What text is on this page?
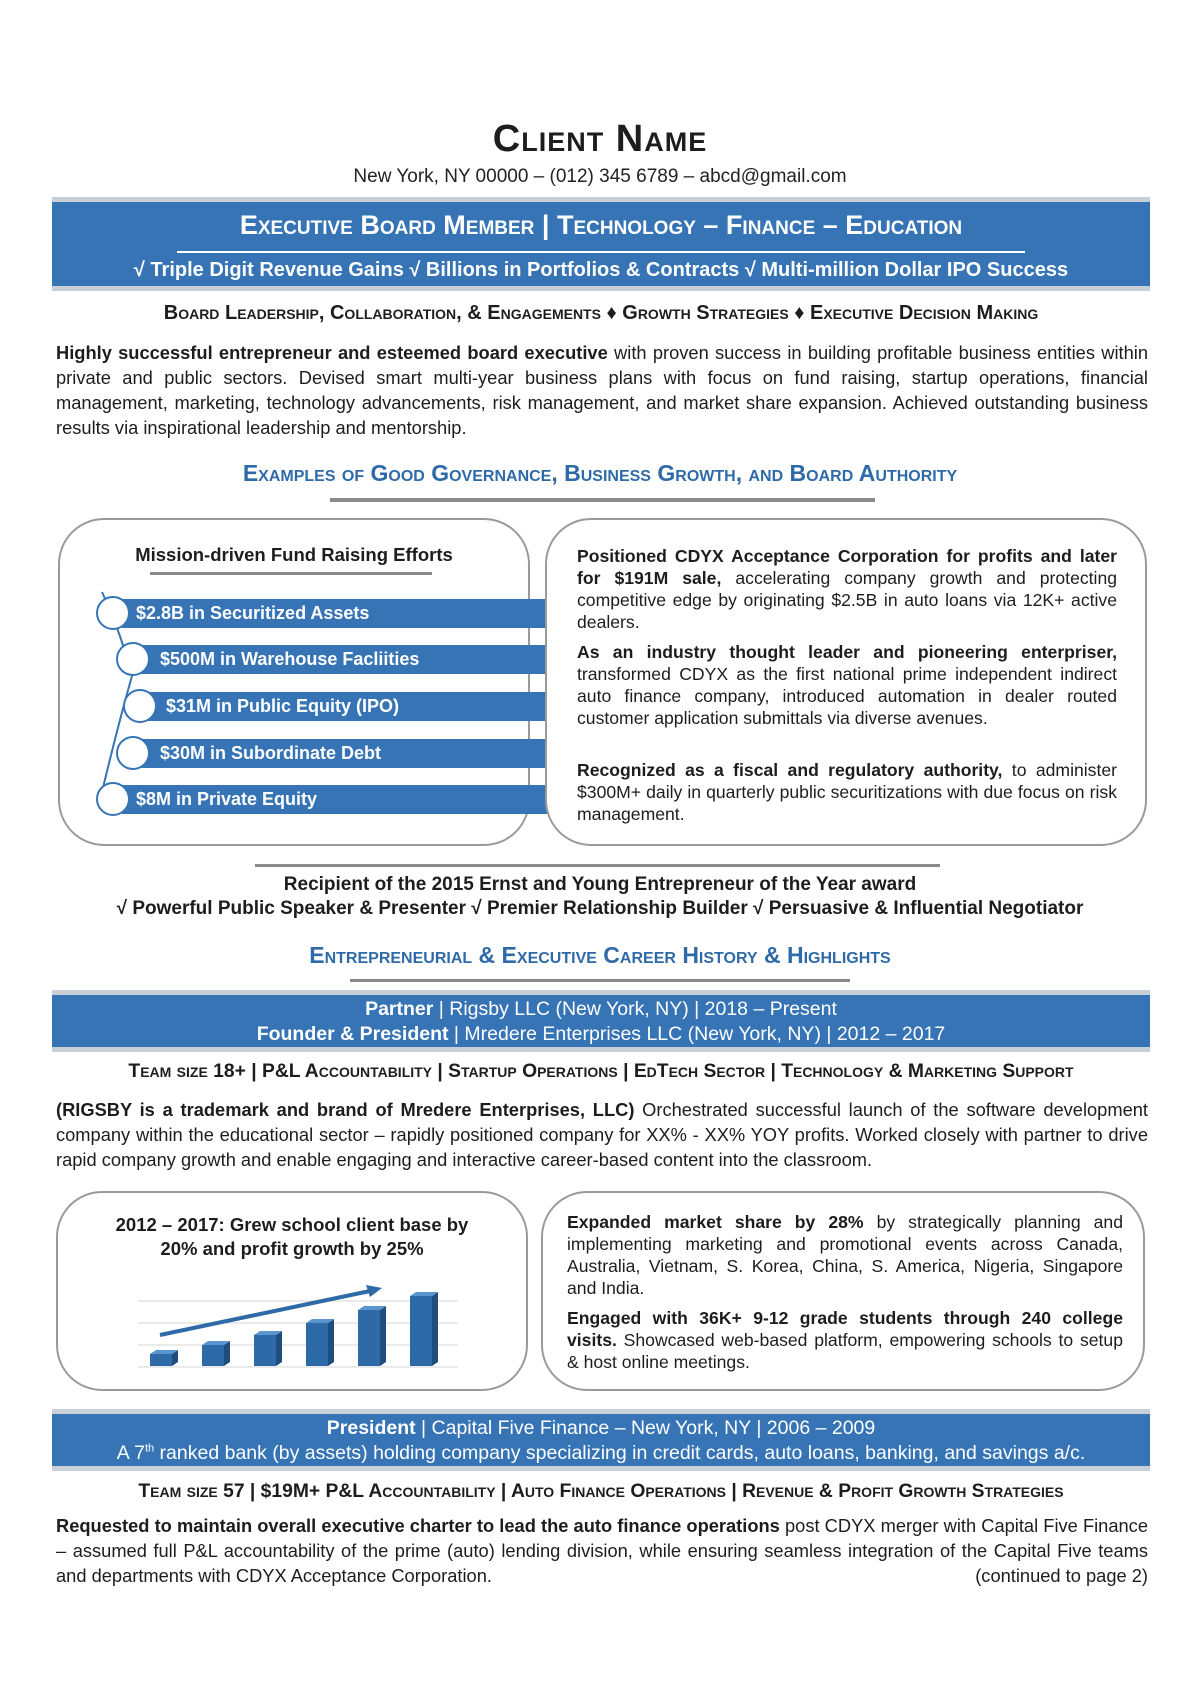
Client Name
New York, NY 00000 – (012) 345 6789 – abcd@gmail.com
Executive Board Member | Technology – Finance – Education
√ Triple Digit Revenue Gains √ Billions in Portfolios & Contracts √ Multi-million Dollar IPO Success
Board Leadership, Collaboration, & Engagements ♦ Growth Strategies ♦ Executive Decision Making
Highly successful entrepreneur and esteemed board executive with proven success in building profitable business entities within private and public sectors. Devised smart multi-year business plans with focus on fund raising, startup operations, financial management, marketing, technology advancements, risk management, and market share expansion. Achieved outstanding business results via inspirational leadership and mentorship.
Examples of Good Governance, Business Growth, and Board Authority
Mission-driven Fund Raising Efforts
$2.8B in Securitized Assets
$500M in Warehouse Facliities
$31M in Public Equity (IPO)
$30M in Subordinate Debt
$8M in Private Equity
Positioned CDYX Acceptance Corporation for profits and later for $191M sale, accelerating company growth and protecting competitive edge by originating $2.5B in auto loans via 12K+ active dealers.
As an industry thought leader and pioneering enterpriser, transformed CDYX as the first national prime independent indirect auto finance company, introduced automation in dealer routed customer application submittals via diverse avenues.
Recognized as a fiscal and regulatory authority, to administer $300M+ daily in quarterly public securitizations with due focus on risk management.
Recipient of the 2015 Ernst and Young Entrepreneur of the Year award
√ Powerful Public Speaker & Presenter √ Premier Relationship Builder √ Persuasive & Influential Negotiator
Entrepreneurial & Executive Career History & Highlights
Partner | Rigsby LLC (New York, NY) | 2018 – Present
Founder & President | Mredere Enterprises LLC (New York, NY) | 2012 – 2017
Team size 18+ | P&L Accountability | Startup Operations | EdTech Sector | Technology & Marketing Support
(RIGSBY is a trademark and brand of Mredere Enterprises, LLC) Orchestrated successful launch of the software development company within the educational sector – rapidly positioned company for XX% - XX% YOY profits. Worked closely with partner to drive rapid company growth and enable engaging and interactive career-based content into the classroom.
2012 – 2017: Grew school client base by 20% and profit growth by 25%
Expanded market share by 28% by strategically planning and implementing marketing and promotional events across Canada, Australia, Vietnam, S. Korea, China, S. America, Nigeria, Singapore and India.
Engaged with 36K+ 9-12 grade students through 240 college visits. Showcased web-based platform, empowering schools to setup & host online meetings.
President | Capital Five Finance – New York, NY | 2006 – 2009
A 7th ranked bank (by assets) holding company specializing in credit cards, auto loans, banking, and savings a/c.
Team size 57 | $19M+ P&L Accountability | Auto Finance Operations | Revenue & Profit Growth Strategies
Requested to maintain overall executive charter to lead the auto finance operations post CDYX merger with Capital Five Finance – assumed full P&L accountability of the prime (auto) lending division, while ensuring seamless integration of the Capital Five teams and departments with CDYX Acceptance Corporation.	(continued to page 2)
